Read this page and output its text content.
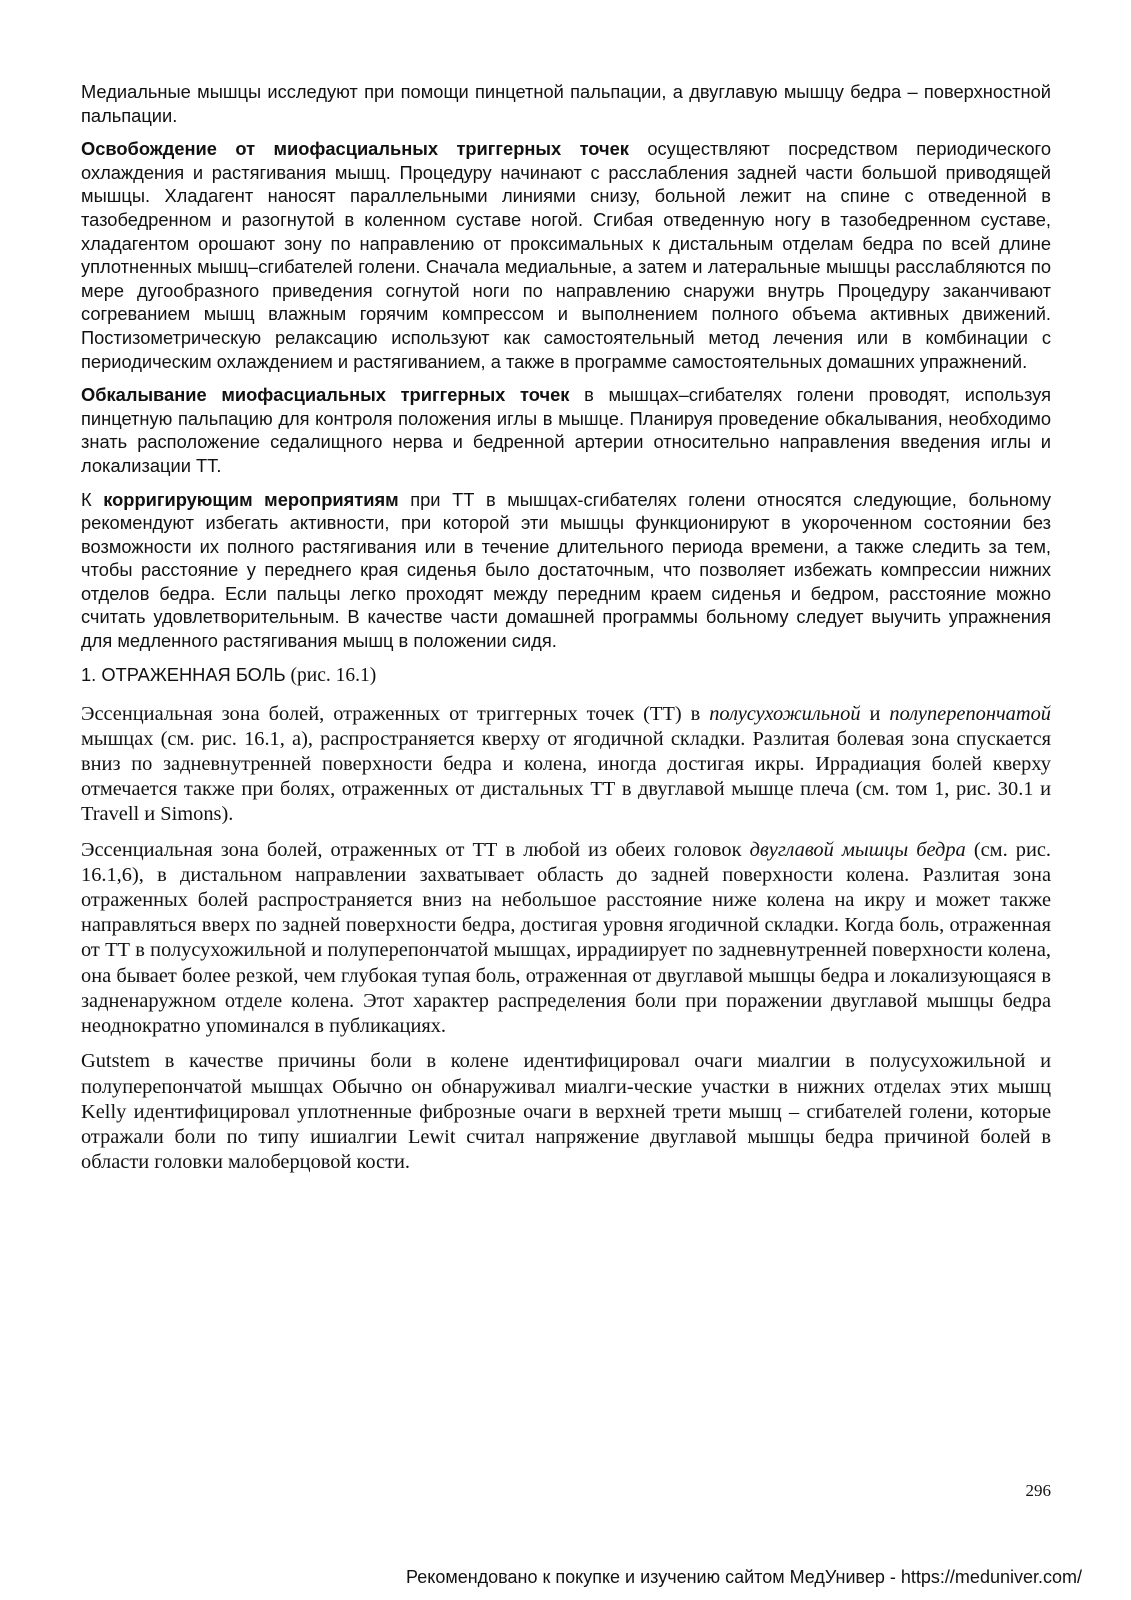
Медиальные мышцы исследуют при помощи пинцетной пальпации, а двуглавую мышцу бедра – поверхностной пальпации.

Освобождение от миофасциальных триггерных точек осуществляют посредством периодического охлаждения и растягивания мышц. Процедуру начинают с расслабления задней части большой приводящей мышцы. Хладагент наносят параллельными линиями снизу, больной лежит на спине с отведенной в тазобедренном и разогнутой в коленном суставе ногой. Сгибая отведенную ногу в тазобедренном суставе, хладагентом орошают зону по направлению от проксимальных к дистальным отделам бедра по всей длине уплотненных мышц–сгибателей голени. Сначала медиальные, а затем и латеральные мышцы расслабляются по мере дугообразного приведения согнутой ноги по направлению снаружи внутрь Процедуру заканчивают согреванием мышц влажным горячим компрессом и выполнением полного объема активных движений. Постизометрическую релаксацию используют как самостоятельный метод лечения или в комбинации с периодическим охлаждением и растягиванием, а также в программе самостоятельных домашних упражнений.

Обкалывание миофасциальных триггерных точек в мышцах–сгибателях голени проводят, используя пинцетную пальпацию для контроля положения иглы в мышце. Планируя проведение обкалывания, необходимо знать расположение седалищного нерва и бедренной артерии относительно направления введения иглы и локализации ТТ.

К корригирующим мероприятиям при ТТ в мышцах-сгибателях голени относятся следующие, больному рекомендуют избегать активности, при которой эти мышцы функционируют в укороченном состоянии без возможности их полного растягивания или в течение длительного периода времени, а также следить за тем, чтобы расстояние у переднего края сиденья было достаточным, что позволяет избежать компрессии нижних отделов бедра. Если пальцы легко проходят между передним краем сиденья и бедром, расстояние можно считать удовлетворительным. В качестве части домашней программы больному следует выучить упражнения для медленного растягивания мышц в положении сидя.

1. ОТРАЖЕННАЯ БОЛЬ (рис. 16.1)

Эссенциальная зона болей, отраженных от триггерных точек (ТТ) в полусухожильной и полуперепончатой мышцах (см. рис. 16.1, а), распространяется кверху от ягодичной складки. Разлитая болевая зона спускается вниз по задневнутренней поверхности бедра и колена, иногда достигая икры. Иррадиация болей кверху отмечается также при болях, отраженных от дистальных ТТ в двуглавой мышце плеча (см. том 1, рис. 30.1 и Travell и Simons).

Эссенциальная зона болей, отраженных от ТТ в любой из обеих головок двуглавой мышцы бедра (см. рис. 16.1,6), в дистальном направлении захватывает область до задней поверхности колена. Разлитая зона отраженных болей распространяется вниз на небольшое расстояние ниже колена на икру и может также направляться вверх по задней поверхности бедра, достигая уровня ягодичной складки. Когда боль, отраженная от ТТ в полусухожильной и полуперепончатой мышцах, иррадиирует по задневнутренней поверхности колена, она бывает более резкой, чем глубокая тупая боль, отраженная от двуглавой мышцы бедра и локализующаяся в задненаружном отделе колена. Этот характер распределения боли при поражении двуглавой мышцы бедра неоднократно упоминался в публикациях.

Gutstem в качестве причины боли в колене идентифицировал очаги миалгии в полусухожильной и полуперепончатой мышцах Обычно он обнаруживал миалги-ческие участки в нижних отделах этих мышц Kelly идентифицировал уплотненные фиброзные очаги в верхней трети мышц – сгибателей голени, которые отражали боли по типу ишиалгии Lewit считал напряжение двуглавой мышцы бедра причиной болей в области головки малоберцовой кости.

296
Рекомендовано к покупке и изучению сайтом МедУнивер - https://meduniver.com/
